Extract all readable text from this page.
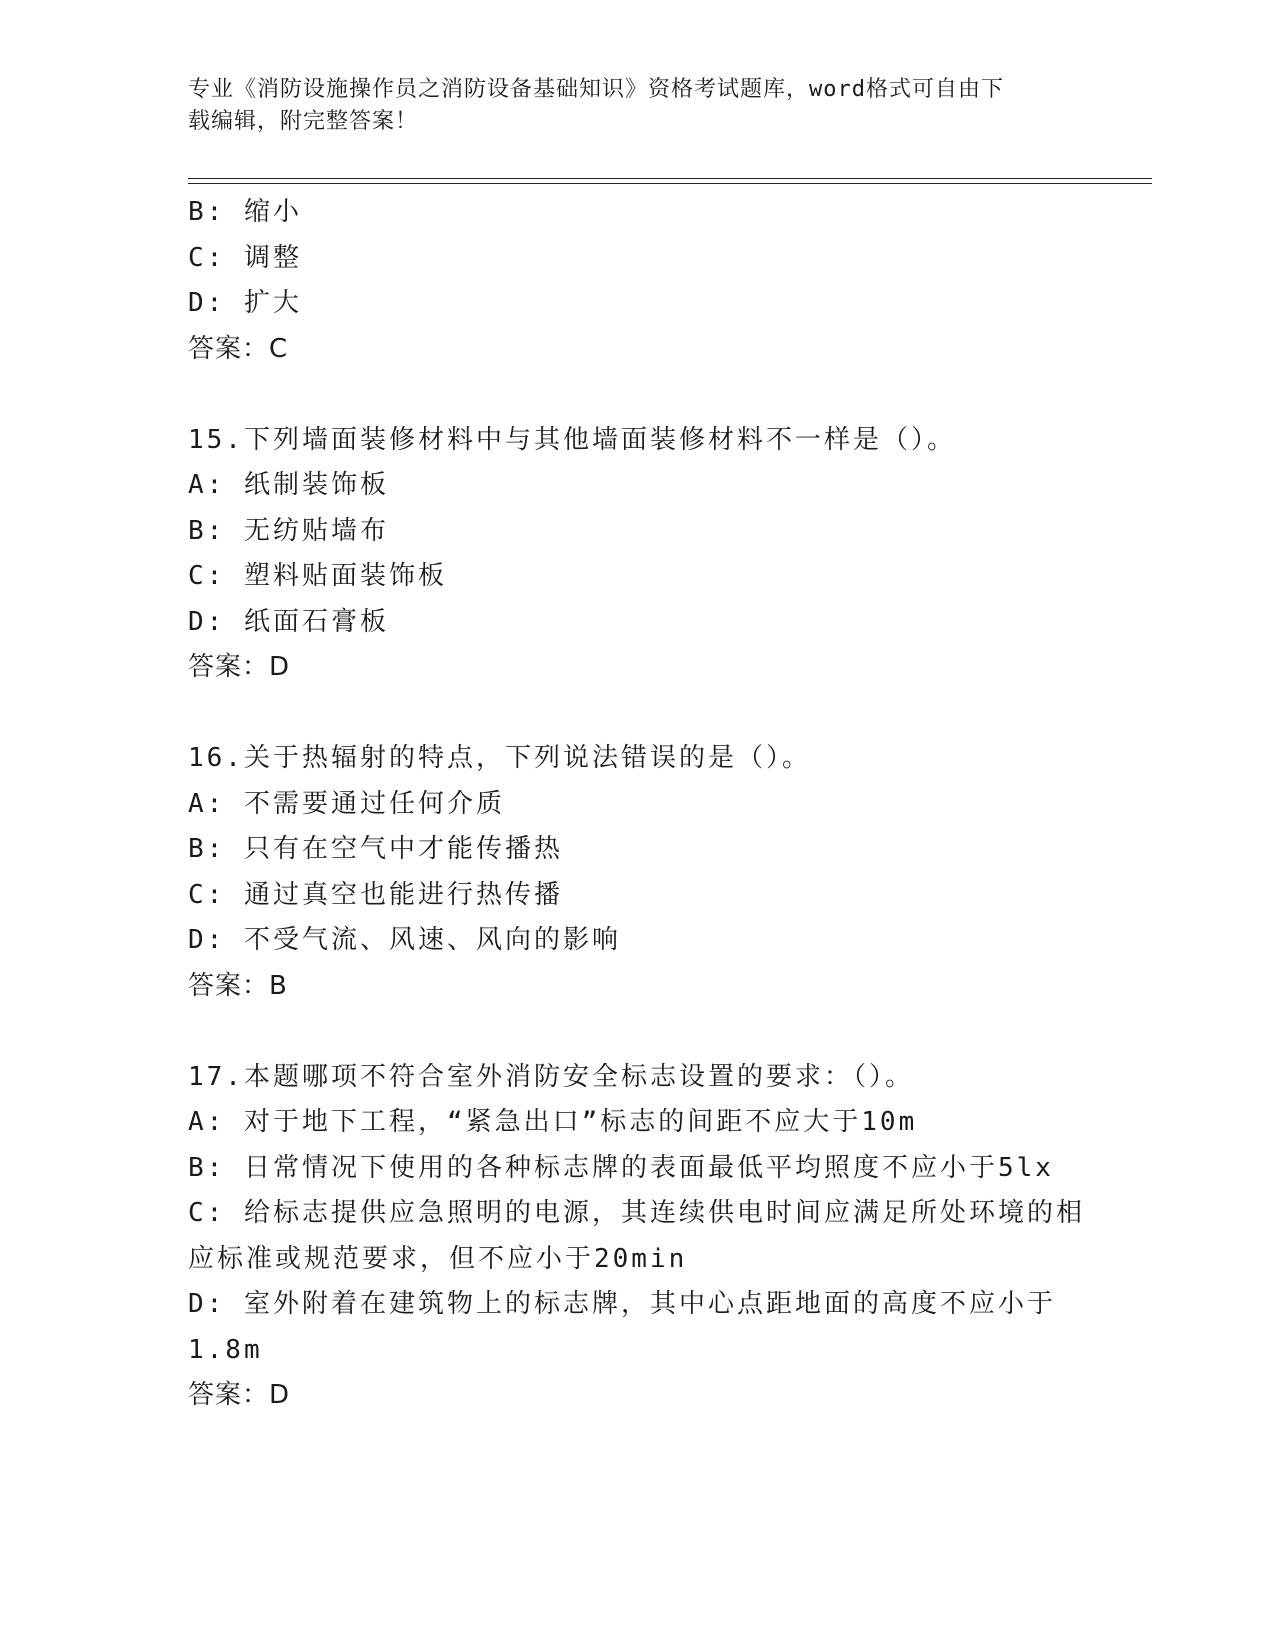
专业《消防设施操作员之消防设备基础知识》资格考试题库，word格式可自由下
载编辑，附完整答案！
B: 缩小
C: 调整
D: 扩大
答案：C
15.下列墙面装修材料中与其他墙面装修材料不一样是（）。
A: 纸制装饰板
B: 无纺贴墙布
C: 塑料贴面装饰板
D: 纸面石膏板
答案：D
16.关于热辐射的特点，下列说法错误的是（）。
A: 不需要通过任何介质
B: 只有在空气中才能传播热
C: 通过真空也能进行热传播
D: 不受气流、风速、风向的影响
答案：B
17.本题哪项不符合室外消防安全标志设置的要求：（）。
A: 对于地下工程，“紧急出口”标志的间距不应大于10m
B: 日常情况下使用的各种标志牌的表面最低平均照度不应小于5lx
C: 给标志提供应急照明的电源，其连续供电时间应满足所处环境的相
应标准或规范要求，但不应小于20min
D: 室外附着在建筑物上的标志牌，其中心点距地面的高度不应小于
1.8m
答案：D
